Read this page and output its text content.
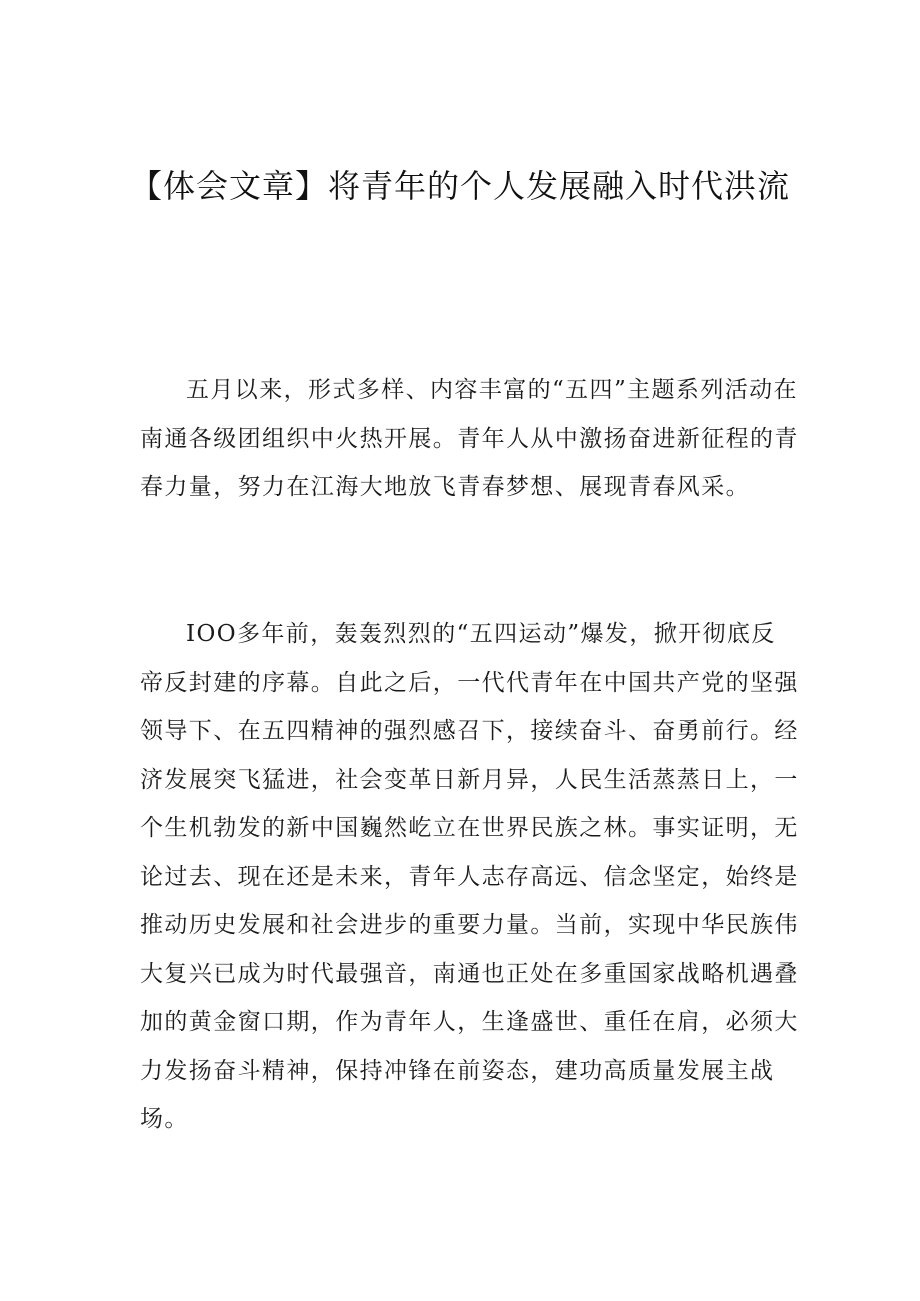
【体会文章】将青年的个人发展融入时代洪流

五月以来，形式多样、内容丰富的“五四”主题系列活动在南通各级团组织中火热开展。青年人从中激扬奋进新征程的青春力量，努力在江海大地放飞青春梦想、展现青春风采。

IOO多年前，轰轰烈烈的“五四运动”爆发，掀开彻底反帝反封建的序幕。自此之后，一代代青年在中国共产党的坚强领导下、在五四精神的强烈感召下，接续奋斗、奋勇前行。经济发展突飞猛进，社会变革日新月异，人民生活蒸蒸日上，一个生机勃发的新中国巍然屹立在世界民族之林。事实证明，无论过去、现在还是未来，青年人志存高远、信念坚定，始终是推动历史发展和社会进步的重要力量。当前，实现中华民族伟大复兴已成为时代最强音，南通也正处在多重国家战略机遇叠加的黄金窗口期，作为青年人，生逢盛世、重任在肩，必须大力发扬奋斗精神，保持冲锋在前姿态，建功高质量发展主战场。
